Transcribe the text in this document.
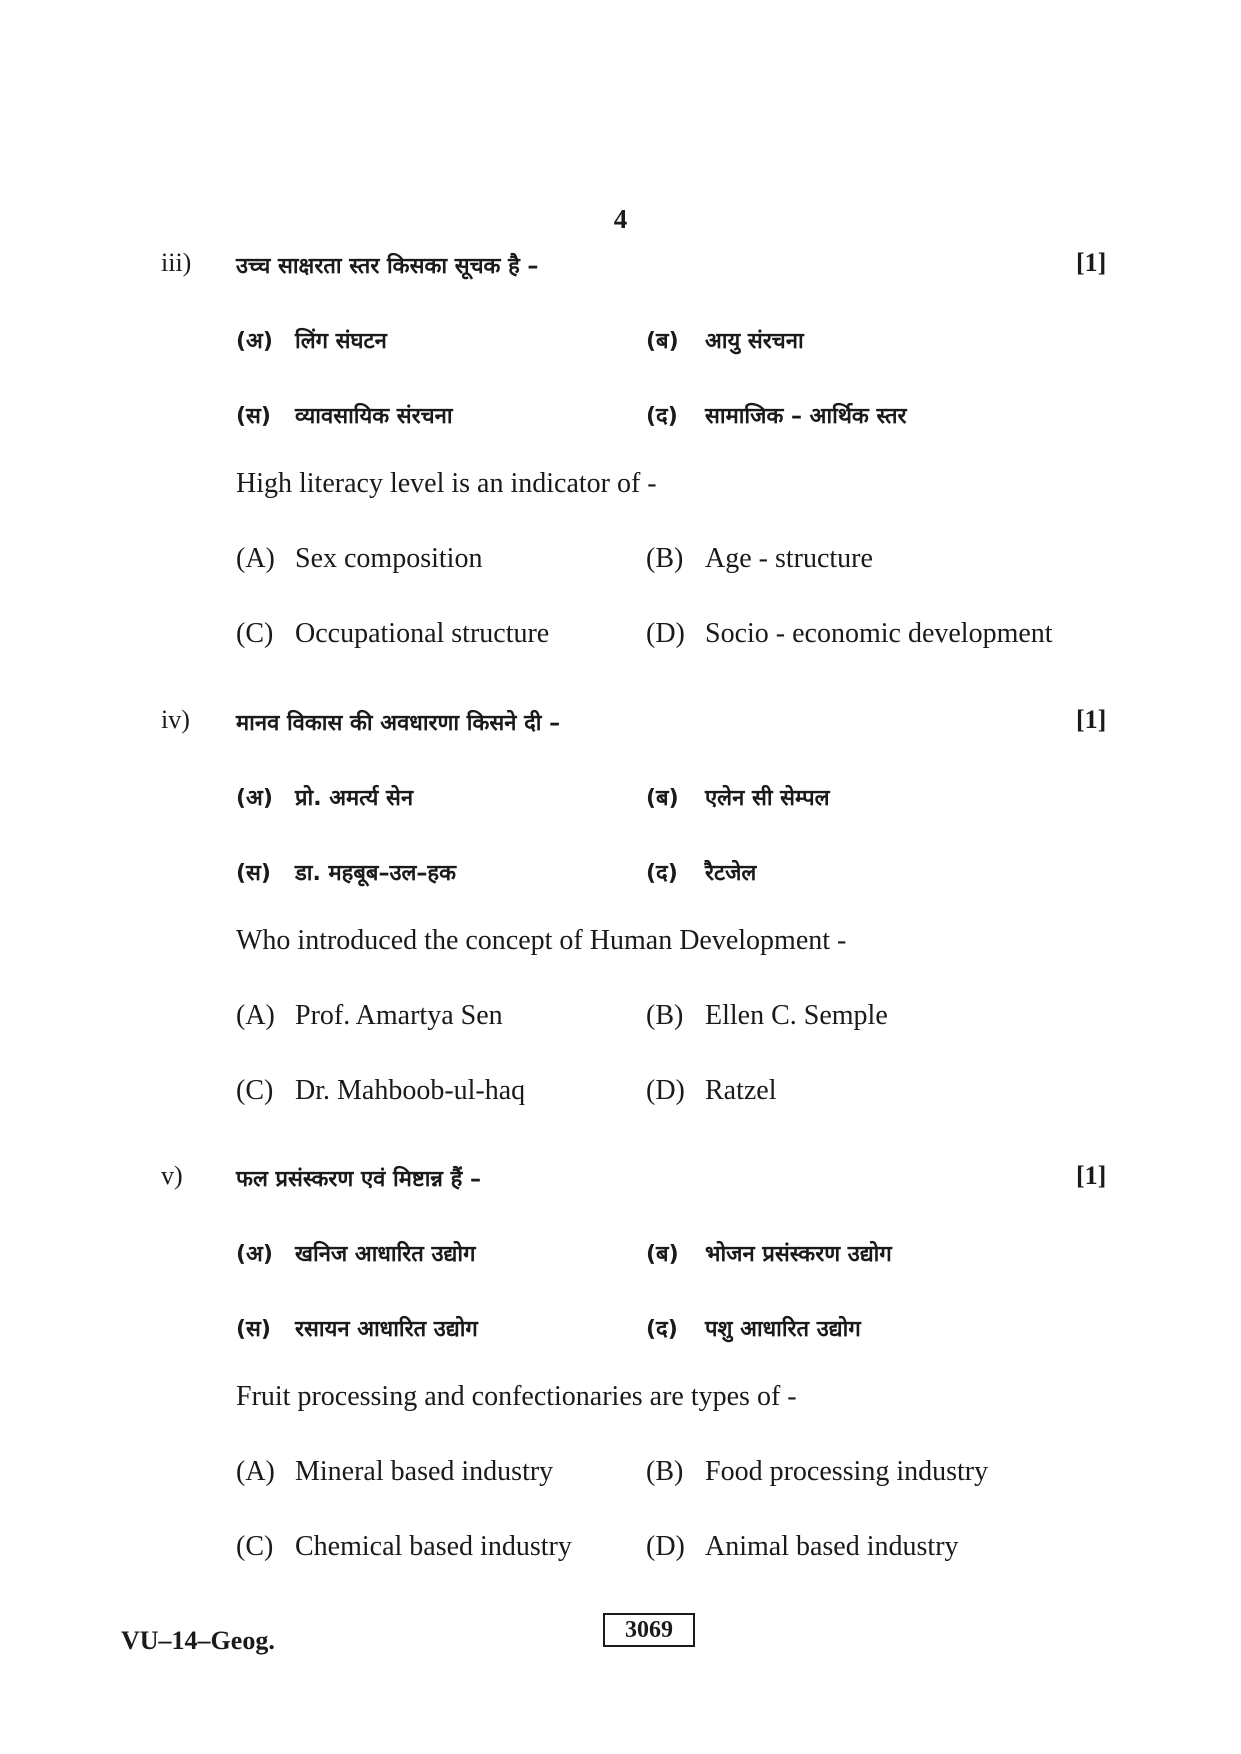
4
iii) उच्च साक्षरता स्तर किसका सूचक है –	[1]
(अ) लिंग संघटन	(ब) आयु संरचना
(स) व्यावसायिक संरचना	(द) सामाजिक – आर्थिक स्तर
High literacy level is an indicator of -
(A) Sex composition	(B) Age - structure
(C) Occupational structure	(D) Socio - economic development
iv) मानव विकास की अवधारणा किसने दी –	[1]
(अ) प्रो. अमर्त्य सेन	(ब) एलेन सी सेम्पल
(स) डा. महबूब–उल–हक	(द) रैटजेल
Who introduced the concept of Human Development -
(A) Prof. Amartya Sen	(B) Ellen C. Semple
(C) Dr. Mahboob-ul-haq	(D) Ratzel
v) फल प्रसंस्करण एवं मिष्टान्न हैं –	[1]
(अ) खनिज आधारित उद्योग	(ब) भोजन प्रसंस्करण उद्योग
(स) रसायन आधारित उद्योग	(द) पशु आधारित उद्योग
Fruit processing and confectionaries are types of -
(A) Mineral based industry	(B) Food processing industry
(C) Chemical based industry	(D) Animal based industry
VU–14–Geog.	3069
